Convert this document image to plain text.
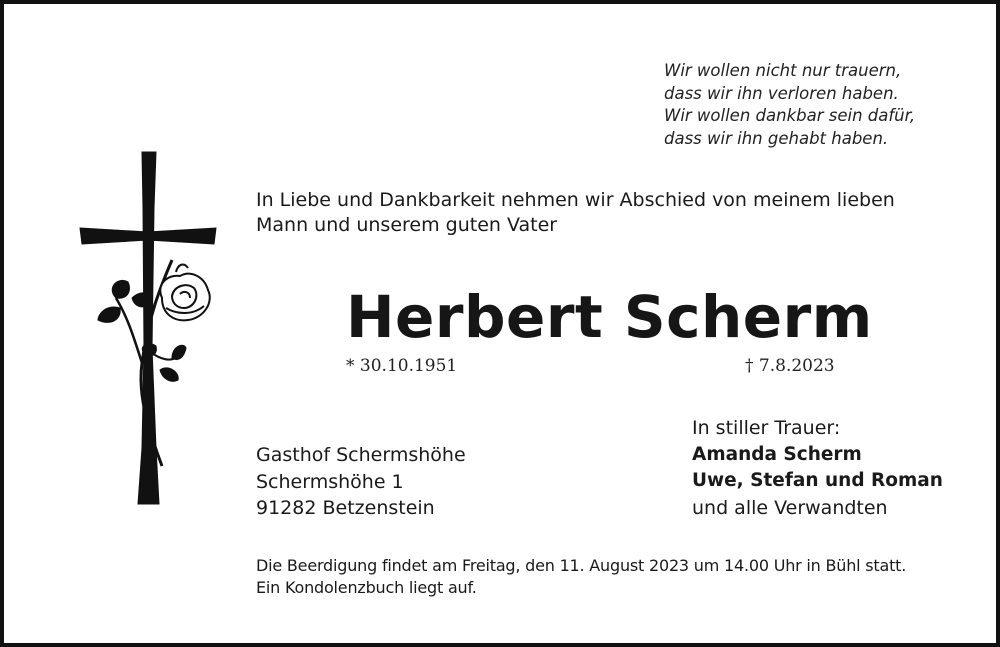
Wir wollen nicht nur trauern,
dass wir ihn verloren haben.
Wir wollen dankbar sein dafür,
dass wir ihn gehabt haben.
In Liebe und Dankbarkeit nehmen wir Abschied von meinem lieben
Mann und unserem guten Vater
Herbert Scherm
* 30.10.1951	† 7.8.2023
Gasthof Schermshöhe
Schermshöhe 1
91282 Betzenstein
In stiller Trauer:
Amanda Scherm
Uwe, Stefan und Roman
und alle Verwandten
Die Beerdigung findet am Freitag, den 11. August 2023 um 14.00 Uhr in Bühl statt.
Ein Kondolenzbuch liegt auf.
